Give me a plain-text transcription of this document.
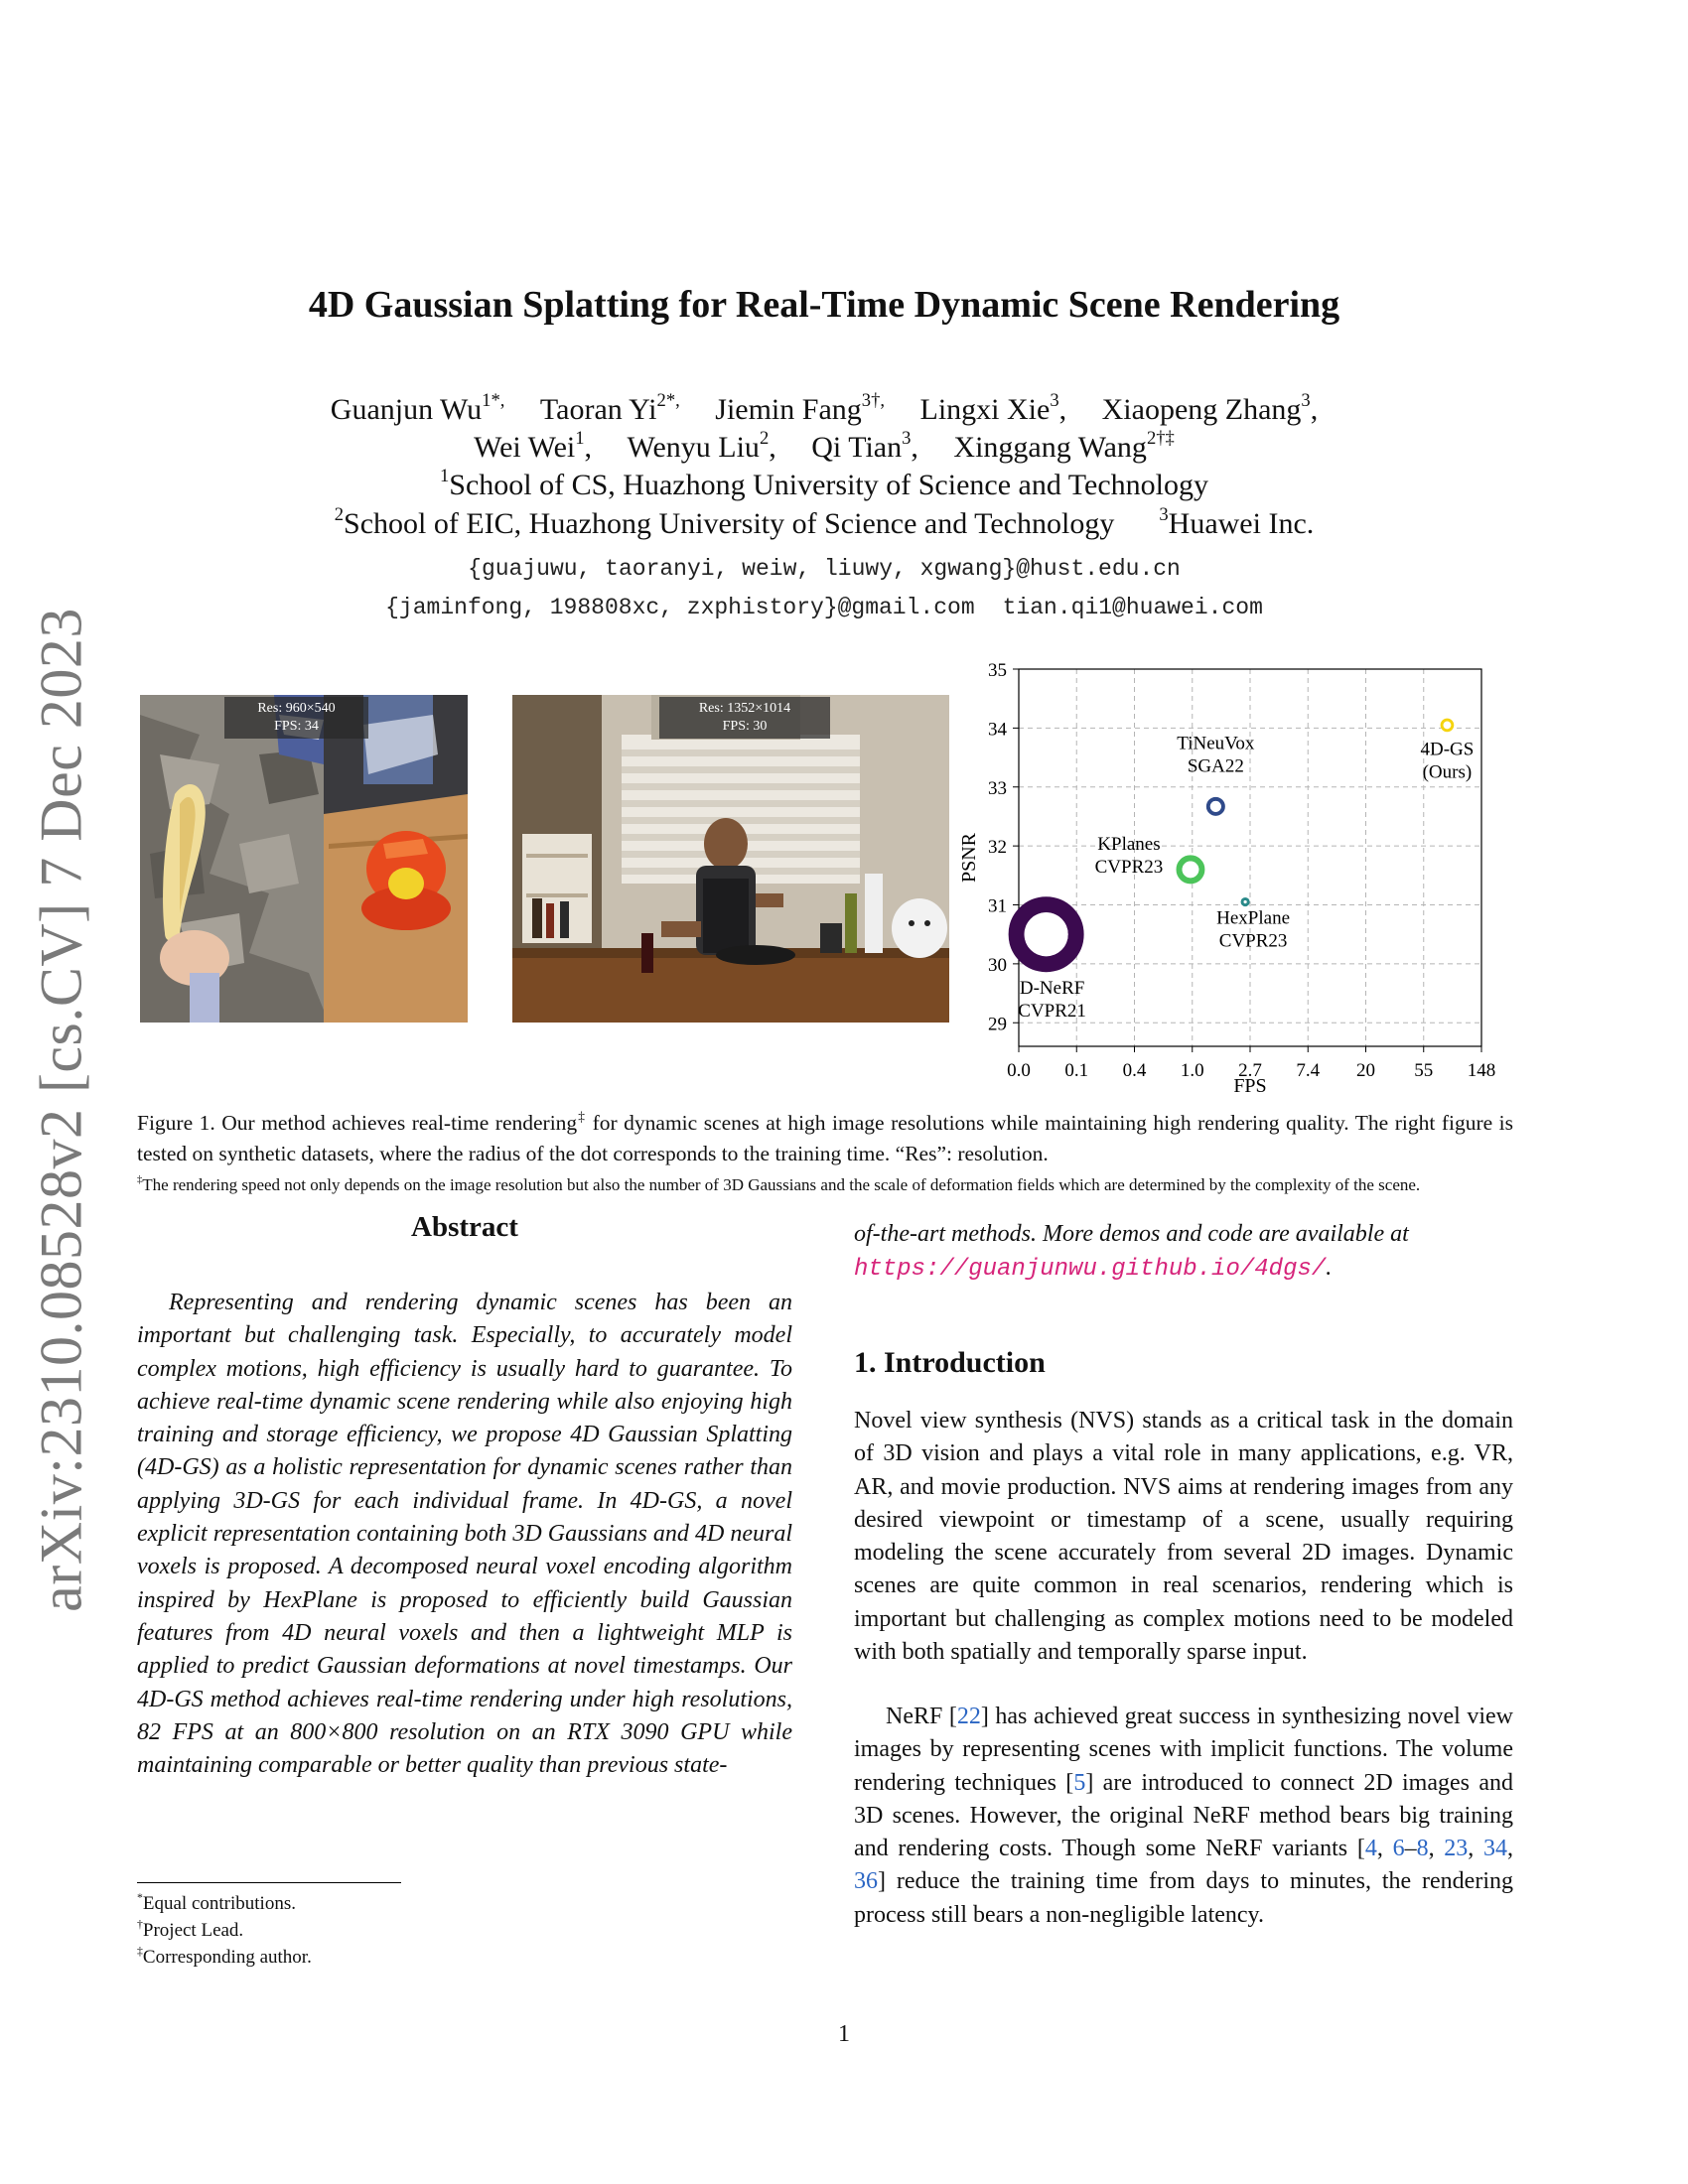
arXiv:2310.08528v2 [cs.CV] 7 Dec 2023
4D Gaussian Splatting for Real-Time Dynamic Scene Rendering
Guanjun $Wu^{1*,}$ Taoran $Yi^{2*,}$ Jiemin Fang$^{3\dagger,}$ Lingxi Xie$^3$, Xiaopeng Zhang$^3$,
Wei Wei$^1$, Wenyu Liu$^2$, Qi Tian$^3$, Xinggang Wang$^{2\dagger\ddagger}$
$^1$School of CS, Huazhong University of Science and Technology
$^2$School of EIC, Huazhong University of Science and Technology $^3$Huawei Inc.
{guajuwu, taoranyi, weiw, liuwy, xgwang}@hust.edu.cn
{jaminfong, 198808xc, zxphistory}@gmail.com tian.qi1@huawei.com
Res: 960×540
FPS: 34
Res: 1352×1014
FPS: 30
0.0 0.1 0.4 1.0 2.7 7.4 20 55 148
29
30
31
32
33
34
35
D-NeRF
CVPR21
KPlanes
CVPR23
TiNeuVox
SGA22
HexPlane
CVPR23
4D-GS
(Ours)
FPS
PSNR
Figure 1. Our method achieves real-time rendering‡ for dynamic scenes at high image resolutions while maintaining high rendering quality. The right figure is tested on synthetic datasets, where the radius of the dot corresponds to the training time. “Res”: resolution.
‡The rendering speed not only depends on the image resolution but also the number of 3D Gaussians and the scale of deformation fields which are determined by the complexity of the scene.
Abstract

Representing and rendering dynamic scenes has been an important but challenging task. Especially, to accurately model complex motions, high efficiency is usually hard to guarantee. To achieve real-time dynamic scene rendering while also enjoying high training and storage efficiency, we propose 4D Gaussian Splatting (4D-GS) as a holistic representation for dynamic scenes rather than applying 3D-GS for each individual frame. In 4D-GS, a novel explicit representation containing both 3D Gaussians and 4D neural voxels is proposed. A decomposed neural voxel encoding algorithm inspired by HexPlane is proposed to efficiently build Gaussian features from 4D neural voxels and then a lightweight MLP is applied to predict Gaussian deformations at novel timestamps. Our 4D-GS method achieves real-time rendering under high resolutions, 82 FPS at an 800×800 resolution on an RTX 3090 GPU while maintaining comparable or better quality than previous state-

*Equal contributions.
†Project Lead.
‡Corresponding author.

of-the-art methods. More demos and code are available at
https://guanjunwu.github.io/4dgs/.

1. Introduction

Novel view synthesis (NVS) stands as a critical task in the domain of 3D vision and plays a vital role in many applications, e.g. VR, AR, and movie production. NVS aims at rendering images from any desired viewpoint or timestamp of a scene, usually requiring modeling the scene accurately from several 2D images. Dynamic scenes are quite common in real scenarios, rendering which is important but challenging as complex motions need to be modeled with both spatially and temporally sparse input.

NeRF [22] has achieved great success in synthesizing novel view images by representing scenes with implicit functions. The volume rendering techniques [5] are introduced to connect 2D images and 3D scenes. However, the original NeRF method bears big training and rendering costs. Though some NeRF variants [4, 6–8, 23, 34, 36] reduce the training time from days to minutes, the rendering process still bears a non-negligible latency.

1
